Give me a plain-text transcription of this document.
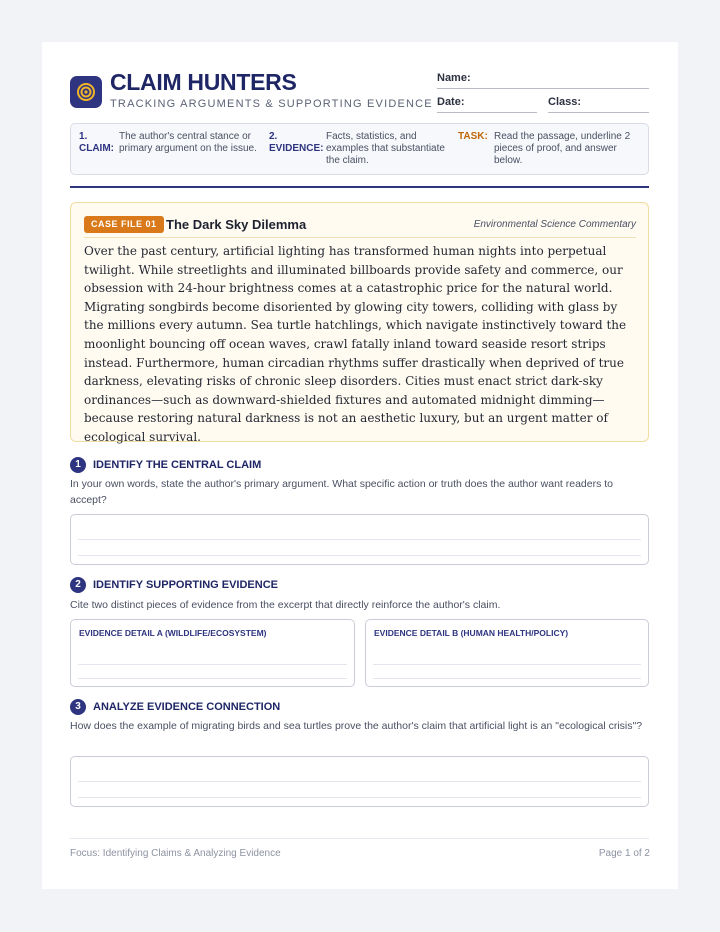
CLAIM HUNTERS
TRACKING ARGUMENTS & SUPPORTING EVIDENCE
Name:
Date:	Class:
1. CLAIM:
The author's central stance or primary argument on the issue.
2. EVIDENCE:
Facts, statistics, and examples that substantiate the claim.
TASK: Read the passage, underline 2 pieces of proof, and answer below.
CASE FILE 01 The Dark Sky Dilemma	Environmental Science Commentary

Over the past century, artificial lighting has transformed human nights into perpetual twilight. While streetlights and illuminated billboards provide safety and commerce, our obsession with 24-hour brightness comes at a catastrophic price for the natural world. Migrating songbirds become disoriented by glowing city towers, colliding with glass by the millions every autumn. Sea turtle hatchlings, which navigate instinctively toward the moonlight bouncing off ocean waves, crawl fatally inland toward seaside resort strips instead. Furthermore, human circadian rhythms suffer drastically when deprived of true darkness, elevating risks of chronic sleep disorders. Cities must enact strict dark-sky ordinances—such as downward-shielded fixtures and automated midnight dimming—because restoring natural darkness is not an aesthetic luxury, but an urgent matter of ecological survival.

1	IDENTIFY THE CENTRAL CLAIM
In your own words, state the author's primary argument. What specific action or truth does the author want readers to accept?
2	IDENTIFY SUPPORTING EVIDENCE
Cite two distinct pieces of evidence from the excerpt that directly reinforce the author's claim.
EVIDENCE DETAIL A (WILDLIFE/ECOSYSTEM)	EVIDENCE DETAIL B (HUMAN HEALTH/POLICY)
3	ANALYZE EVIDENCE CONNECTION
How does the example of migrating birds and sea turtles prove the author's claim that artificial light is an "ecological crisis"?
Focus: Identifying Claims & Analyzing Evidence	Page 1 of 2
